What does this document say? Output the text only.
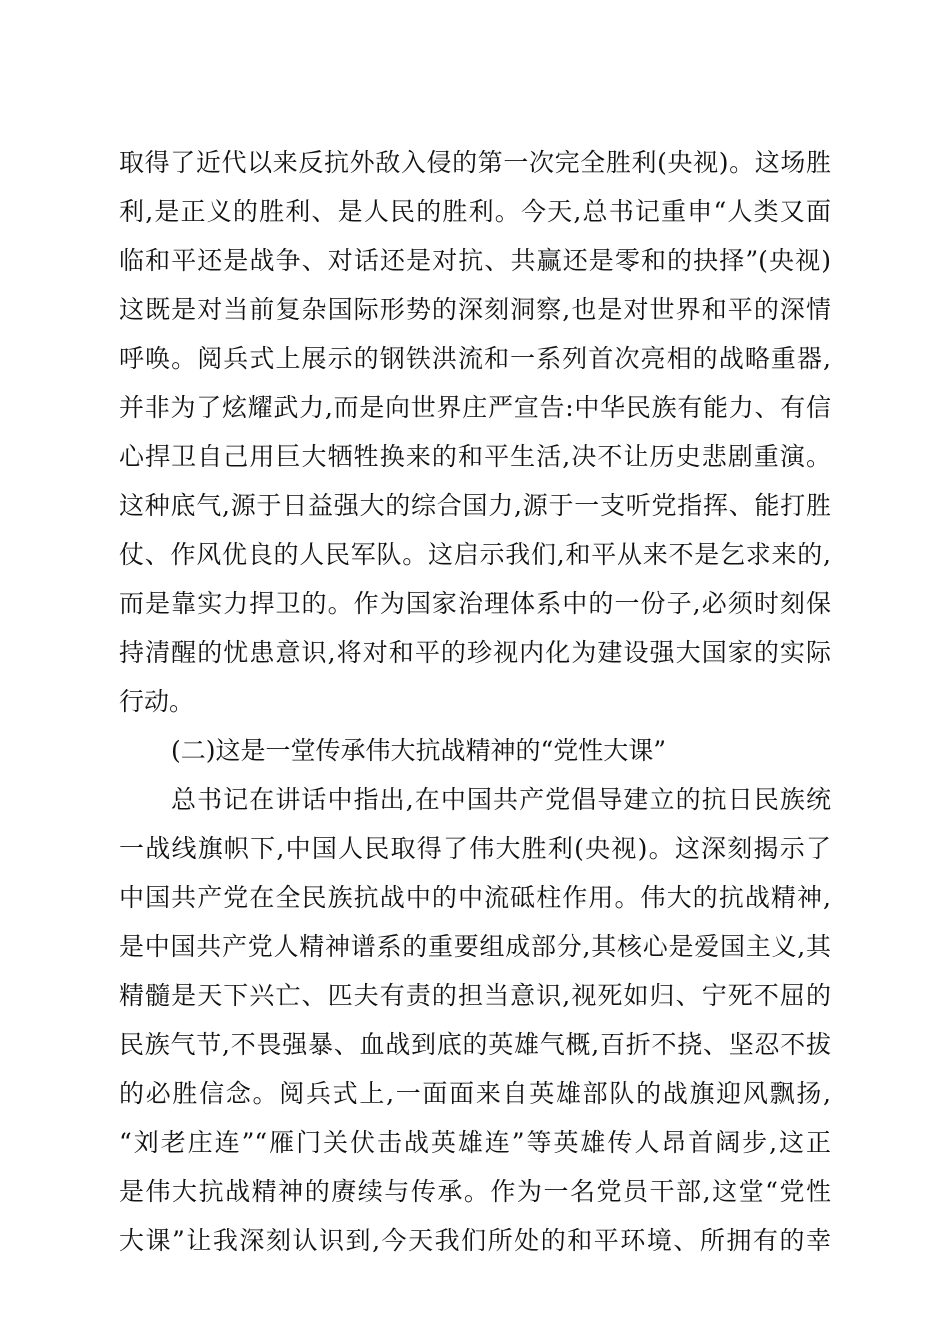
取得了近代以来反抗外敌入侵的第一次完全胜利(央视)。这场胜
利,是正义的胜利、是人民的胜利。今天,总书记重申“人类又面
临和平还是战争、对话还是对抗、共赢还是零和的抉择”(央视)
这既是对当前复杂国际形势的深刻洞察,也是对世界和平的深情
呼唤。阅兵式上展示的钢铁洪流和一系列首次亮相的战略重器,
并非为了炫耀武力,而是向世界庄严宣告:中华民族有能力、有信
心捍卫自己用巨大牺牲换来的和平生活,决不让历史悲剧重演。
这种底气,源于日益强大的综合国力,源于一支听党指挥、能打胜
仗、作风优良的人民军队。这启示我们,和平从来不是乞求来的,
而是靠实力捍卫的。作为国家治理体系中的一份子,必须时刻保
持清醒的忧患意识,将对和平的珍视内化为建设强大国家的实际
行动。
(二)这是一堂传承伟大抗战精神的“党性大课”
总书记在讲话中指出,在中国共产党倡导建立的抗日民族统
一战线旗帜下,中国人民取得了伟大胜利(央视)。这深刻揭示了
中国共产党在全民族抗战中的中流砥柱作用。伟大的抗战精神,
是中国共产党人精神谱系的重要组成部分,其核心是爱国主义,其
精髓是天下兴亡、匹夫有责的担当意识,视死如归、宁死不屈的
民族气节,不畏强暴、血战到底的英雄气概,百折不挠、坚忍不拔
的必胜信念。阅兵式上,一面面来自英雄部队的战旗迎风飘扬,
“刘老庄连”“雁门关伏击战英雄连”等英雄传人昂首阔步,这正
是伟大抗战精神的赓续与传承。作为一名党员干部,这堂“党性
大课”让我深刻认识到,今天我们所处的和平环境、所拥有的幸
